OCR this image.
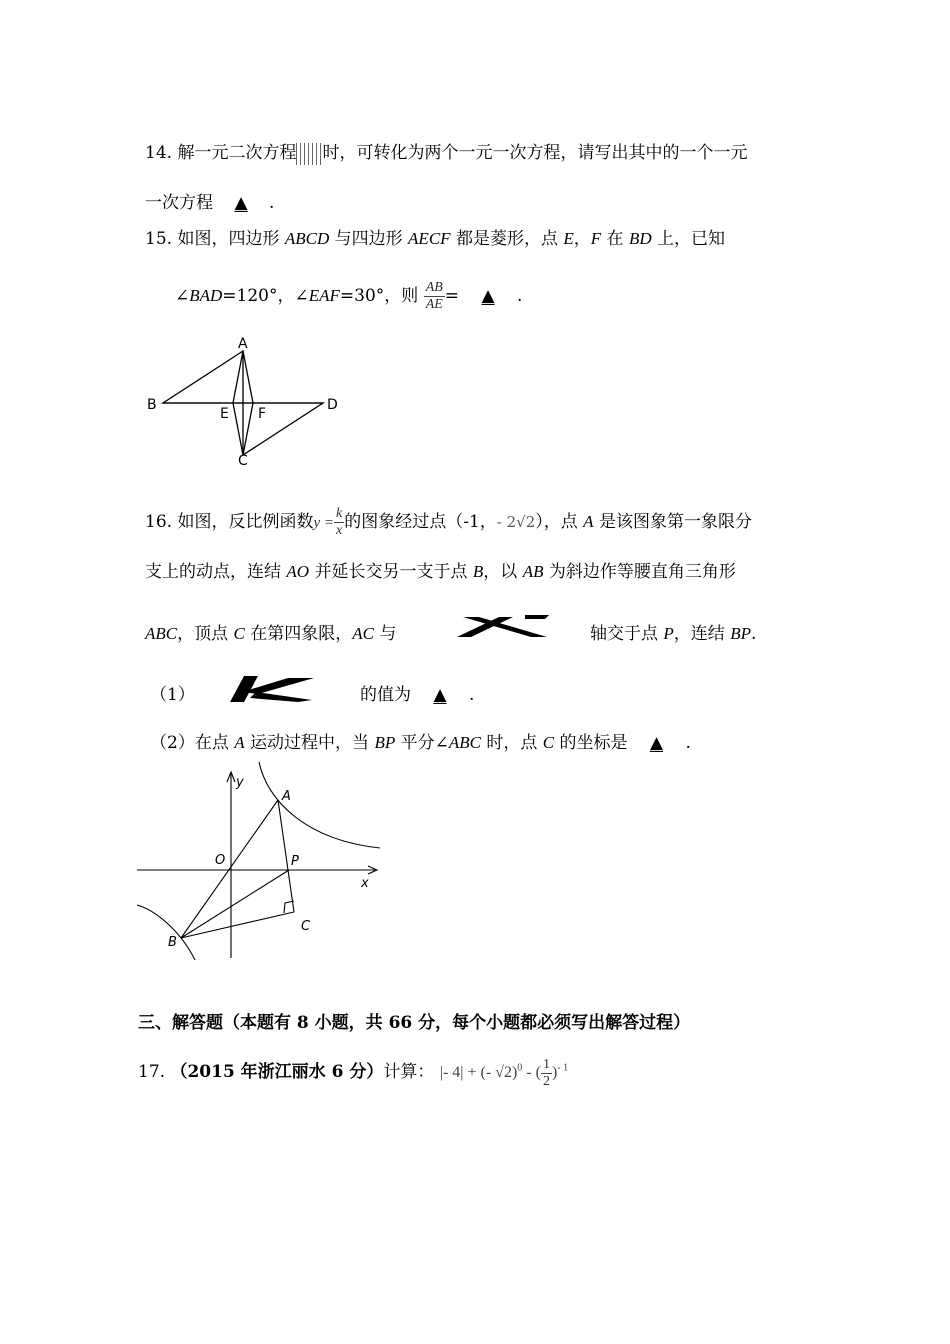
14. 解一元二次方程 时，可转化为两个一元一次方程，请写出其中的一个一元
一次方程 ▲ .
15. 如图，四边形 ABCD 与四边形 AECF 都是菱形，点 E，F 在 BD 上，已知
∠BAD=120°，∠EAF=30°，则 $\frac{AB}{AE}$ = ▲ .
A
B	D
C
E F
16. 如图，反比例函数$y = \frac{k}{x}$ 的图象经过点（-1，- 2√2），点 A 是该图象第一象限分
支上的动点，连结 AO 并延长交另一支于点 B，以 AB 为斜边作等腰直角三角形
ABC，顶点 C 在第四象限，AC 与	轴交于点 P，连结 BP.
（1）	的值为 ▲ .
（2）在点 A 运动过程中，当 BP 平分∠ABC 时，点 C 的坐标是 ▲ .
y
x
O
A
P
B
C
三、解答题（本题有 8 小题，共 66 分，每个小题都必须写出解答过程）
17. （2015 年浙江丽水 6 分）计算： |- 4| + (- √2)$^0$ - ( $\frac{1}{2} )^{- 1}$
